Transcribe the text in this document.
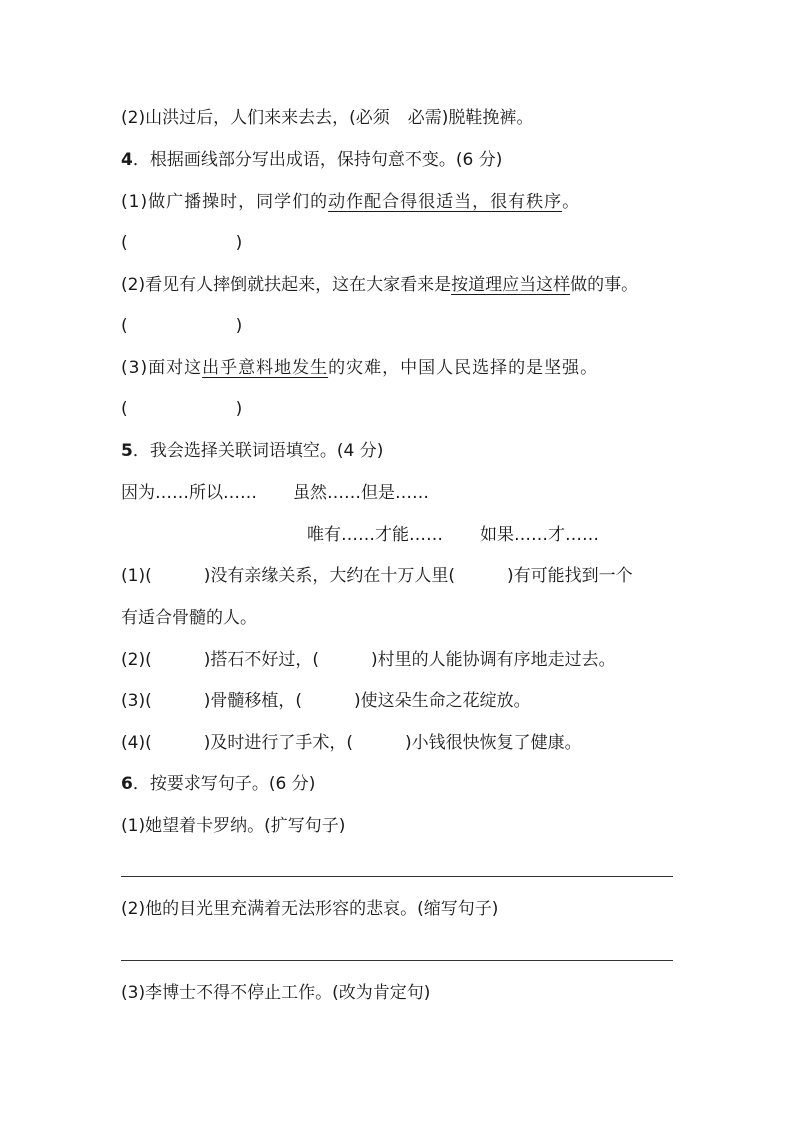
(2)山洪过后，人们来来去去，(必须 必需)脱鞋挽裤。
4．根据画线部分写出成语，保持句意不变。(6 分)
(1)做广播操时，同学们的动作配合得很适当，很有秩序。
(	)
(2)看见有人摔倒就扶起来，这在大家看来是按道理应当这样做的事。
(	)
(3)面对这出乎意料地发生的灾难，中国人民选择的是坚强。
(	)
5．我会选择关联词语填空。(4 分)
因为……所以…… 虽然……但是……
唯有……才能…… 如果……才……
(1)(	)没有亲缘关系，大约在十万人里(	)有可能找到一个
有适合骨髓的人。
(2)(	)搭石不好过，(	)村里的人能协调有序地走过去。
(3)(	)骨髓移植，(	)使这朵生命之花绽放。
(4)(	)及时进行了手术，(	)小钱很快恢复了健康。
6．按要求写句子。(6 分)
(1)她望着卡罗纳。(扩写句子)
(2)他的目光里充满着无法形容的悲哀。(缩写句子)
(3)李博士不得不停止工作。(改为肯定句)
